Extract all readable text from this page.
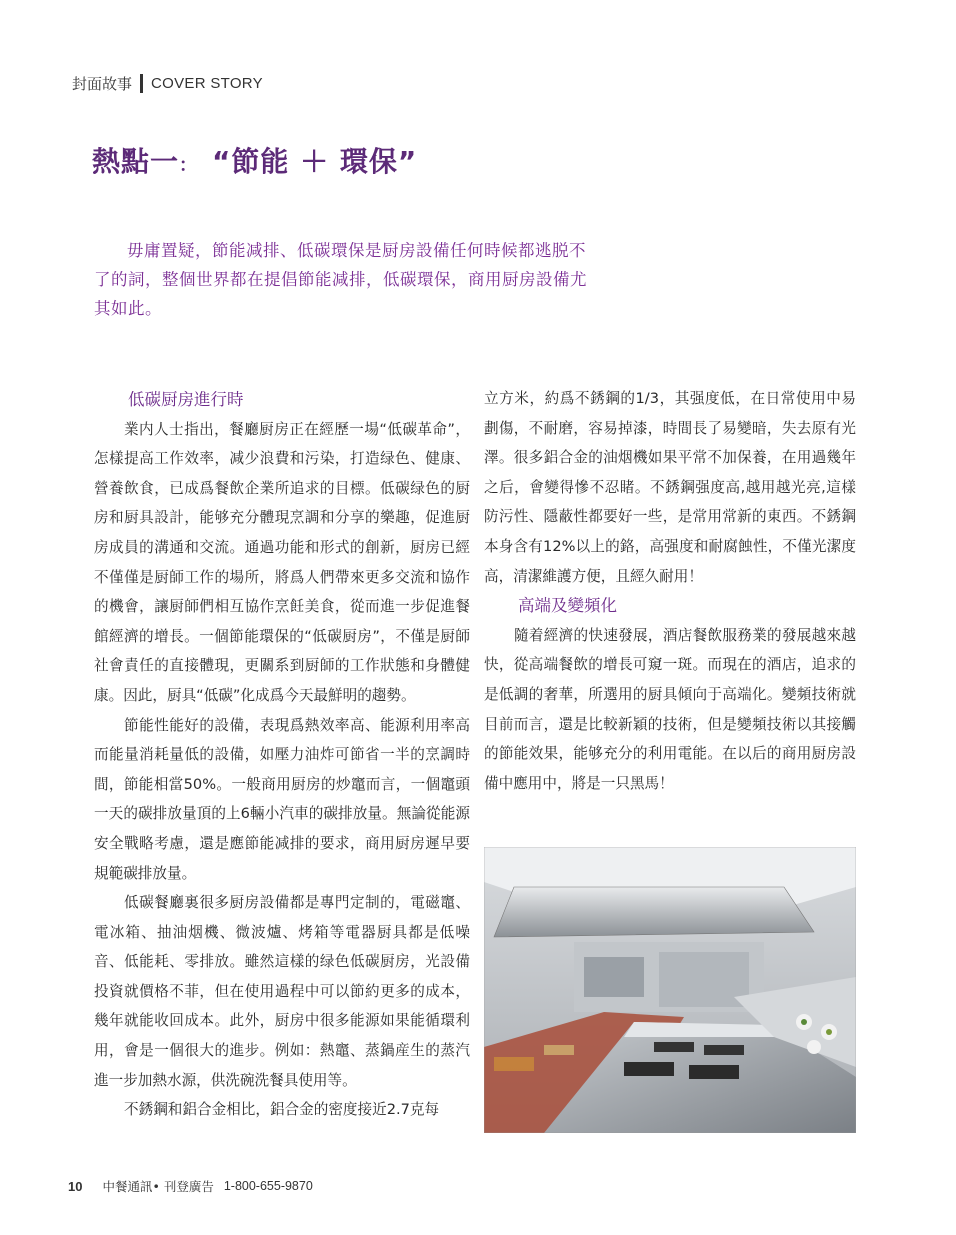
封面故事 COVER STORY
熱點一： “節能 ＋ 環保”
毋庸置疑，節能减排、低碳環保是厨房設備任何時候都逃脱不了的詞，整個世界都在提倡節能减排，低碳環保，商用厨房設備尤其如此。
低碳厨房進行時

業内人士指出，餐廳厨房正在經歷一場“低碳革命”，怎樣提高工作效率，减少浪費和污染，打造绿色、健康、營養飲食，已成爲餐飲企業所追求的目標。低碳绿色的厨房和厨具設計，能够充分體現烹調和分享的樂趣，促進厨房成員的溝通和交流。通過功能和形式的創新，厨房已經不僅僅是厨師工作的場所，將爲人們帶來更多交流和協作的機會，讓厨師們相互協作烹飪美食，從而進一步促進餐館經濟的增長。一個節能環保的“低碳厨房”，不僅是厨師社會責任的直接體現，更關系到厨師的工作狀態和身體健康。因此，厨具“低碳”化成爲今天最鮮明的趨勢。

節能性能好的設備，表現爲熱效率高、能源利用率高而能量消耗量低的設備，如壓力油炸可節省一半的烹調時間，節能相當50%。一般商用厨房的炒竈而言，一個竈頭一天的碳排放量頂的上6輛小汽車的碳排放量。無論從能源安全戰略考慮，還是應節能减排的要求，商用厨房遲早要規範碳排放量。

低碳餐廳裏很多厨房設備都是專門定制的，電磁竈、電冰箱、抽油烟機、微波爐、烤箱等電器厨具都是低噪音、低能耗、零排放。雖然這樣的绿色低碳厨房，光設備投資就價格不菲，但在使用過程中可以節約更多的成本，幾年就能收回成本。此外，厨房中很多能源如果能循環利用，會是一個很大的進步。例如：熱竈、蒸鍋産生的蒸汽進一步加熱水源，供洗碗洗餐具使用等。

不銹鋼和鋁合金相比，鋁合金的密度接近2.7克每

立方米，約爲不銹鋼的1/3，其强度低，在日常使用中易劃傷，不耐磨，容易掉漆，時間長了易變暗，失去原有光澤。很多鋁合金的油烟機如果平常不加保養，在用過幾年之后，會變得慘不忍睹。不銹鋼强度高,越用越光亮,這樣防污性、隱蔽性都要好一些，是常用常新的東西。不銹鋼本身含有12%以上的鉻，高强度和耐腐蝕性，不僅光潔度高，清潔維護方便，且經久耐用！

高端及變頻化

隨着經濟的快速發展，酒店餐飲服務業的發展越來越快，從高端餐飲的增長可窺一斑。而現在的酒店，追求的是低調的奢華，所選用的厨具傾向于高端化。變頻技術就目前而言，還是比較新穎的技術，但是變頻技術以其接觸的節能效果，能够充分的利用電能。在以后的商用厨房設備中應用中，將是一只黑馬！

10 中餐通訊• 刊登廣告 1-800-655-9870
